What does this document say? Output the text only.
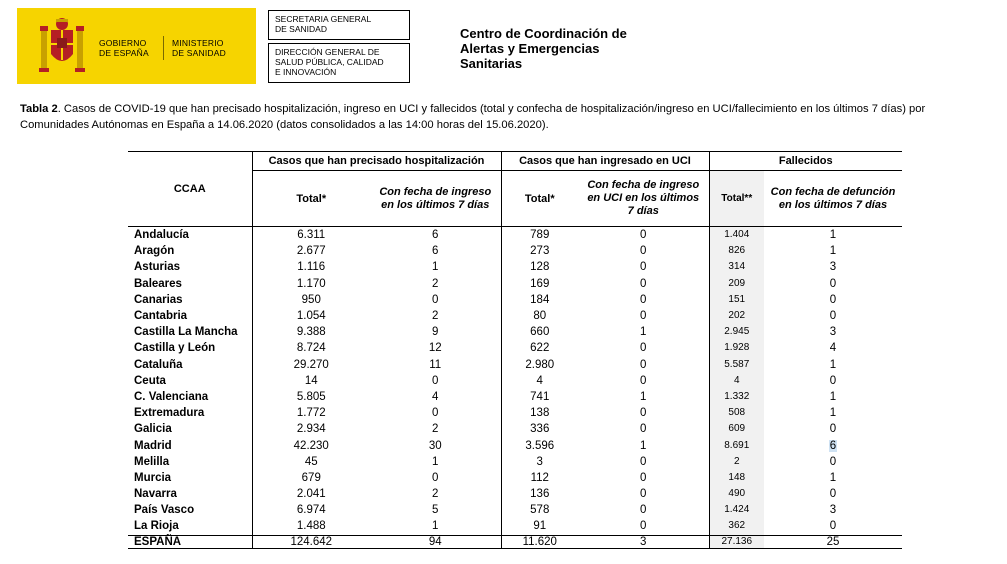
GOBIERNO
DE ESPAÑA
MINISTERIO
DE SANIDAD
SECRETARIA GENERAL
DE SANIDAD
DIRECCIÓN GENERAL DE
SALUD PÚBLICA, CALIDAD
E INNOVACIÓN
Centro de Coordinación de
Alertas y Emergencias
Sanitarias
Tabla 2. Casos de COVID-19 que han precisado hospitalización, ingreso en UCI y fallecidos (total y confecha de hospitalización/ingreso en UCI/fallecimiento en los últimos 7 días) por Comunidades Autónomas en España a 14.06.2020 (datos consolidados a las 14:00 horas del 15.06.2020).
CCAA	Casos que han precisado hospitalización		Casos que han ingresado en UCI		Fallecidos	
	Total*	Con fecha de ingreso
en los últimos 7 días	Total*	Con fecha de ingreso
en UCI en los últimos
7 días	Total**	Con fecha de defunción
en los últimos 7 días
Andalucía	6.311	6	789	0	1.404	1
Aragón	2.677	6	273	0	826	1
Asturias	1.116	1	128	0	314	3
Baleares	1.170	2	169	0	209	0
Canarias	950	0	184	0	151	0
Cantabria	1.054	2	80	0	202	0
Castilla La Mancha	9.388	9	660	1	2.945	3
Castilla y León	8.724	12	622	0	1.928	4
Cataluña	29.270	11	2.980	0	5.587	1
Ceuta	14	0	4	0	4	0
C. Valenciana	5.805	4	741	1	1.332	1
Extremadura	1.772	0	138	0	508	1
Galicia	2.934	2	336	0	609	0
Madrid	42.230	30	3.596	1	8.691	6
Melilla	45	1	3	0	2	0
Murcia	679	0	112	0	148	1
Navarra	2.041	2	136	0	490	0
País Vasco	6.974	5	578	0	1.424	3
La Rioja	1.488	1	91	0	362	0
ESPAÑA	124.642	94	11.620	3	27.136	25
